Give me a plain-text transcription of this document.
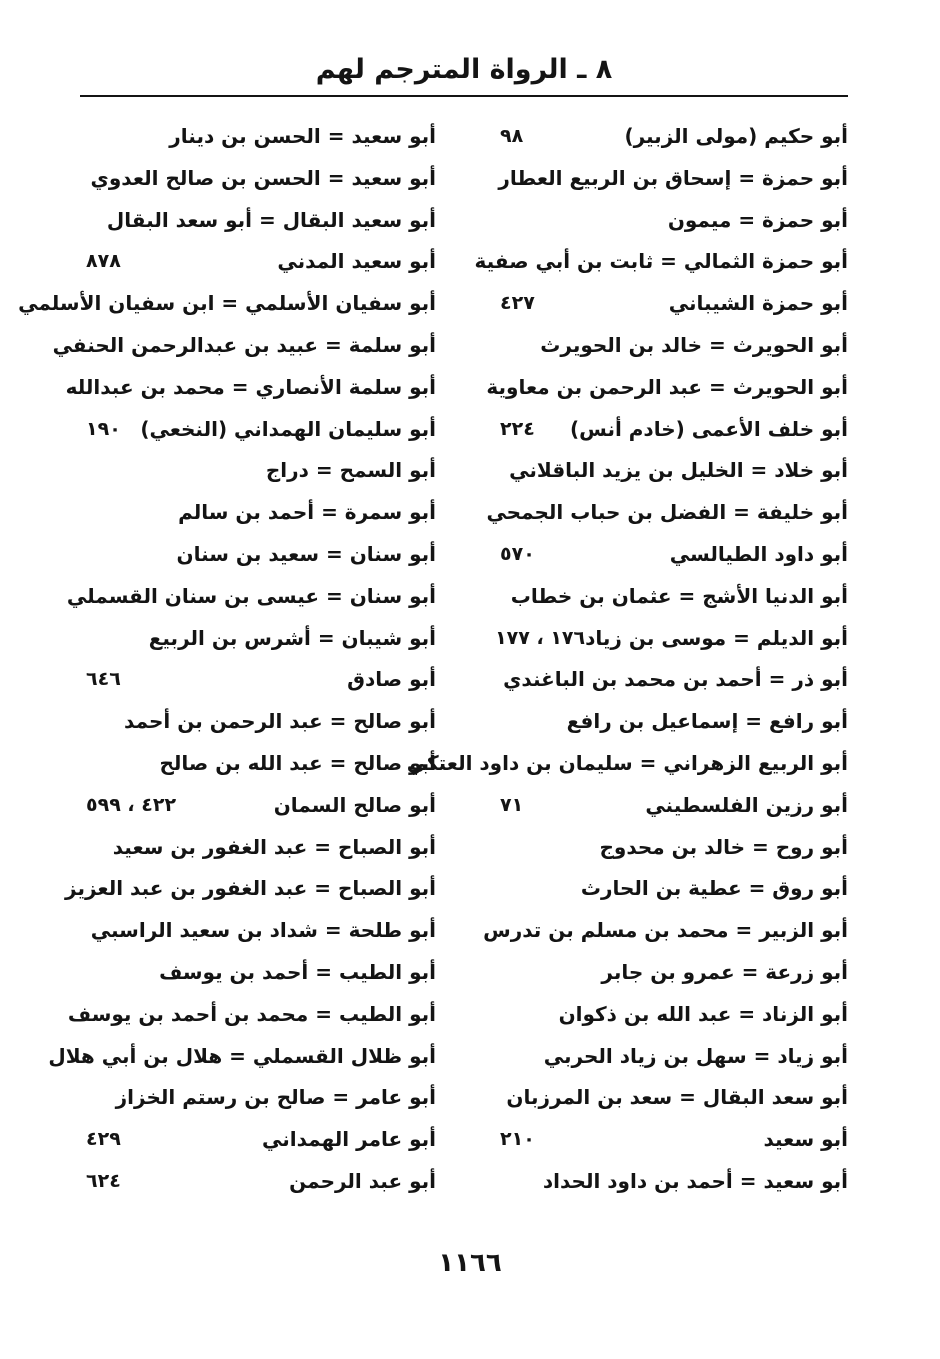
٨ ـ الرواة المترجم لهم
أبو حكيم (مولى الزبير)
٩٨
أبو حمزة = إسحاق بن الربيع العطار
أبو حمزة = ميمون
أبو حمزة الثمالي = ثابت بن أبي صفية
أبو حمزة الشيباني
٤٢٧
أبو الحويرث = خالد بن الحويرث
أبو الحويرث = عبد الرحمن بن معاوية
أبو خلف الأعمى (خادم أنس)
٢٢٤
أبو خلاد = الخليل بن يزيد الباقلاني
أبو خليفة = الفضل بن حباب الجمحي
أبو داود الطيالسي
٥٧٠
أبو الدنيا الأشج = عثمان بن خطاب
أبو الديلم = موسى بن زياد
١٧٦ ، ١٧٧
أبو ذر = أحمد بن محمد بن الباغندي
أبو رافع = إسماعيل بن رافع
أبو الربيع الزهراني = سليمان بن داود العتكي
أبو رزين الفلسطيني
٧١
أبو روح = خالد بن محدوج
أبو روق = عطية بن الحارث
أبو الزبير = محمد بن مسلم بن تدرس
أبو زرعة = عمرو بن جابر
أبو الزناد = عبد الله بن ذكوان
أبو زياد = سهل بن زياد الحربي
أبو سعد البقال = سعد بن المرزبان
أبو سعيد
٢١٠
أبو سعيد = أحمد بن داود الحداد
أبو سعيد = الحسن بن دينار
أبو سعيد = الحسن بن صالح العدوي
أبو سعيد البقال = أبو سعد البقال
أبو سعيد المدني
٨٧٨
أبو سفيان الأسلمي = ابن سفيان الأسلمي
أبو سلمة = عبيد بن عبدالرحمن الحنفي
أبو سلمة الأنصاري = محمد بن عبدالله
أبو سليمان الهمداني (النخعي)
١٩٠
أبو السمح = دراج
أبو سمرة = أحمد بن سالم
أبو سنان = سعيد بن سنان
أبو سنان = عيسى بن سنان القسملي
أبو شيبان = أشرس بن الربيع
أبو صادق
٦٤٦
أبو صالح = عبد الرحمن بن أحمد
أبو صالح = عبد الله بن صالح
أبو صالح السمان
٤٢٢ ، ٥٩٩
أبو الصباح = عبد الغفور بن سعيد
أبو الصباح = عبد الغفور بن عبد العزيز
أبو طلحة = شداد بن سعيد الراسبي
أبو الطيب = أحمد بن يوسف
أبو الطيب = محمد بن أحمد بن يوسف
أبو ظلال القسملي = هلال بن أبي هلال
أبو عامر = صالح بن رستم الخزاز
أبو عامر الهمداني
٤٢٩
أبو عبد الرحمن
٦٢٤
١١٦٦
